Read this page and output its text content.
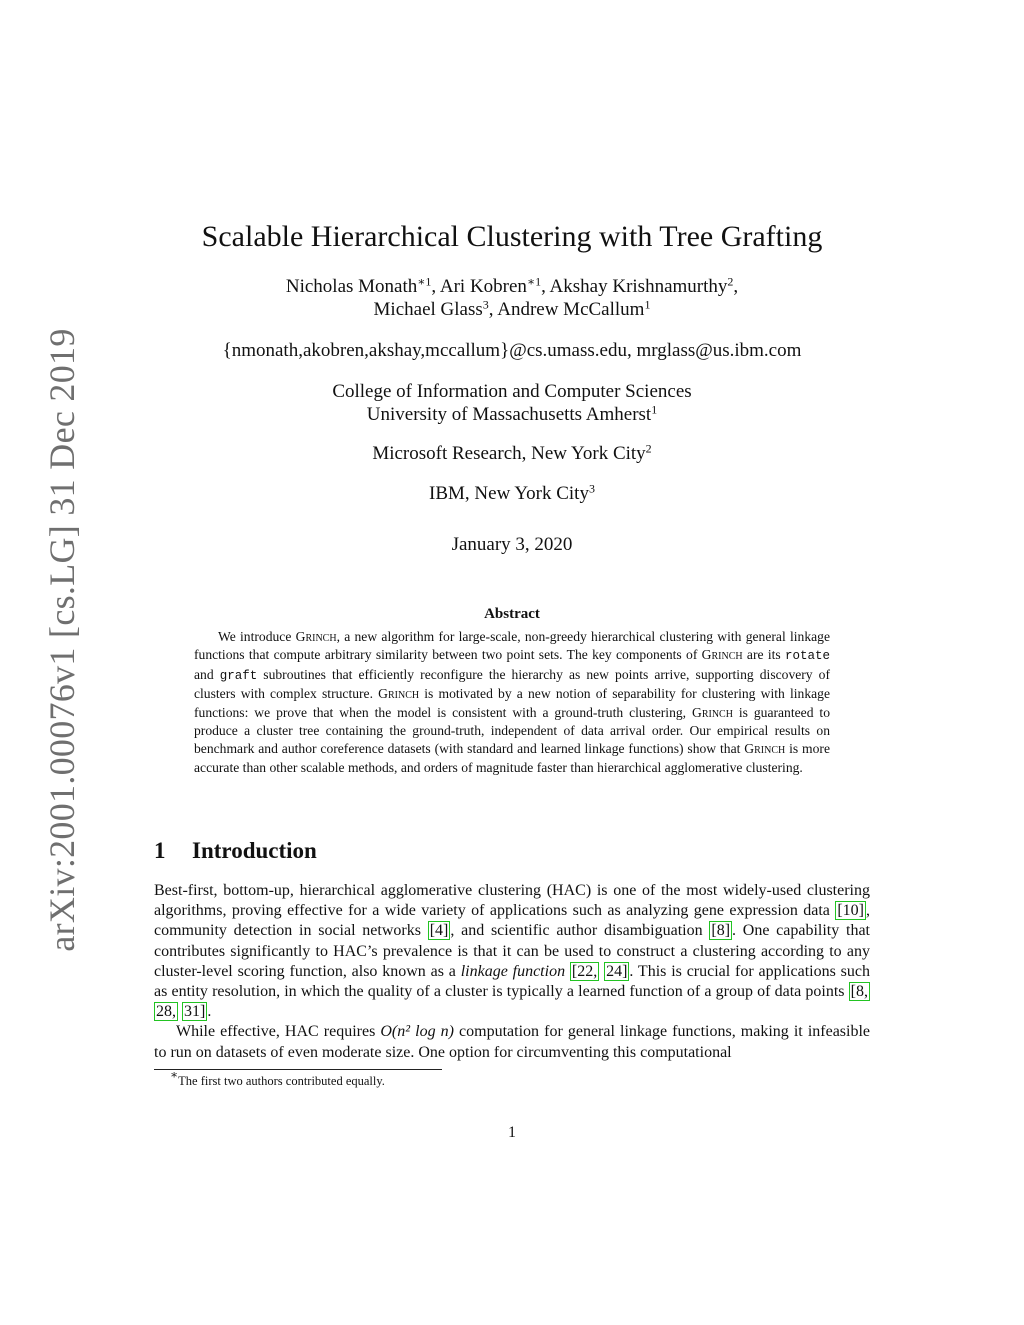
arXiv:2001.00076v1 [cs.LG] 31 Dec 2019
Scalable Hierarchical Clustering with Tree Grafting
Nicholas Monath$^{∗1}$, Ari Kobren$^{∗1}$, Akshay Krishnamurthy$^2$,
Michael Glass$^3$, Andrew McCallum$^1$
{nmonath,akobren,akshay,mccallum}@cs.umass.edu, mrglass@us.ibm.com
College of Information and Computer Sciences
University of Massachusetts Amherst$^1$
Microsoft Research, New York City$^2$
IBM, New York City$^3$
January 3, 2020
Abstract
We introduce Grinch, a new algorithm for large-scale, non-greedy hierarchical clustering with general linkage functions that compute arbitrary similarity between two point sets. The key components of Grinch are its rotate and graft subroutines that efficiently reconfigure the hierarchy as new points arrive, supporting discovery of clusters with complex structure. Grinch is motivated by a new notion of separability for clustering with linkage functions: we prove that when the model is consistent with a ground-truth clustering, Grinch is guaranteed to produce a cluster tree containing the ground-truth, independent of data arrival order. Our empirical results on benchmark and author coreference datasets (with standard and learned linkage functions) show that Grinch is more accurate than other scalable methods, and orders of magnitude faster than hierarchical agglomerative clustering.
1 Introduction

Best-first, bottom-up, hierarchical agglomerative clustering (HAC) is one of the most widely-used clustering algorithms, proving effective for a wide variety of applications such as analyzing gene expression data [10] , community detection in social networks [4] , and scientific author disambiguation [8] . One capability that contributes significantly to HAC’s prevalence is that it can be used to construct a clustering according to any cluster-level scoring function, also known as a linkage function [22, 24] . This is crucial for applications such as entity resolution, in which the quality of a cluster is typically a learned function of a group of data points [8, 28, 31] .

While effective, HAC requires O(n² log n) computation for general linkage functions, making it infeasible to run on datasets of even moderate size. One option for circumventing this computational

∗The first two authors contributed equally.
1
